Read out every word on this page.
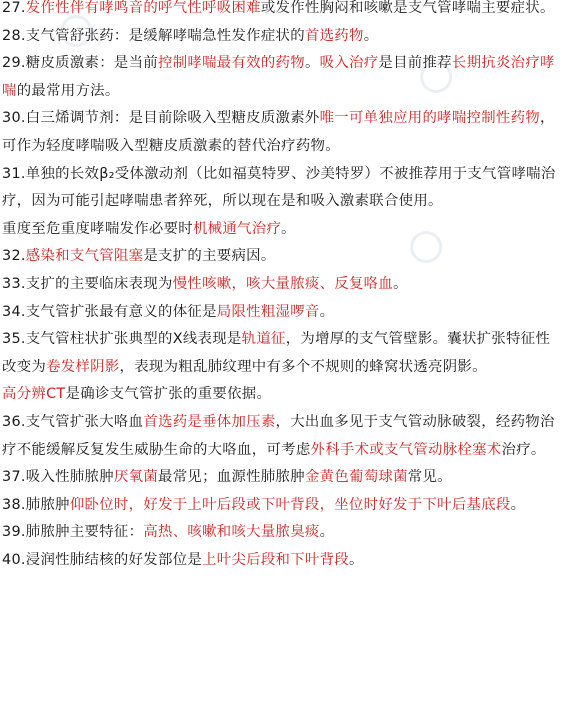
27.发作性伴有哮鸣音的呼气性呼吸困难或发作性胸闷和咳嗽是支气管哮喘主要症状。

28.支气管舒张药：是缓解哮喘急性发作症状的首选药物。

29.糖皮质激素：是当前控制哮喘最有效的药物。吸入治疗是目前推荐长期抗炎治疗哮喘的最常用方法。

30.白三烯调节剂：是目前除吸入型糖皮质激素外唯一可单独应用的哮喘控制性药物，可作为轻度哮喘吸入型糖皮质激素的替代治疗药物。

31.单独的长效β₂受体激动剂（比如福莫特罗、沙美特罗）不被推荐用于支气管哮喘治疗，因为可能引起哮喘患者猝死，所以现在是和吸入激素联合使用。

重度至危重度哮喘发作必要时机械通气治疗。

32.感染和支气管阻塞是支扩的主要病因。

33.支扩的主要临床表现为慢性咳嗽，咳大量脓痰、反复咯血。

34.支气管扩张最有意义的体征是局限性粗湿啰音。

35.支气管柱状扩张典型的X线表现是轨道征，为增厚的支气管壁影。囊状扩张特征性改变为卷发样阴影，表现为粗乱肺纹理中有多个不规则的蜂窝状透亮阴影。

高分辨CT是确诊支气管扩张的重要依据。

36.支气管扩张大咯血首选药是垂体加压素，大出血多见于支气管动脉破裂，经药物治疗不能缓解反复发生威胁生命的大咯血，可考虑外科手术或支气管动脉栓塞术治疗。

37.吸入性肺脓肿厌氧菌最常见；血源性肺脓肿金黄色葡萄球菌常见。

38.肺脓肿仰卧位时，好发于上叶后段或下叶背段，坐位时好发于下叶后基底段。

39.肺脓肿主要特征：高热、咳嗽和咳大量脓臭痰。

40.浸润性肺结核的好发部位是上叶尖后段和下叶背段。
